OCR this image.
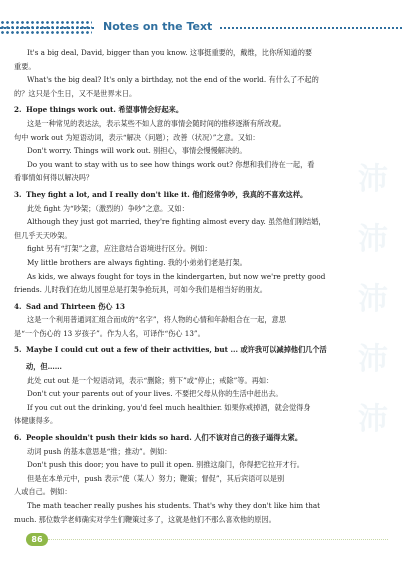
Notes on the Text
沛沛沛沛沛

It's a big deal, David, bigger than you know. 这事挺重要的，戴维，比你所知道的要

重要。

What's the big deal? It's only a birthday, not the end of the world. 有什么了不起的

的？这只是个生日，又不是世界末日。

2. Hope things work out. 希望事情会好起来。

这是一种常见的表达法，表示某些不如人意的事情会随时间的推移逐渐有所改观。

句中 work out 为短语动词，表示“解决（问题）；改善（状况）”之意。又如：

Don't worry. Things will work out. 别担心，事情会慢慢解决的。

Do you want to stay with us to see how things work out? 你想和我们待在一起，看

看事情如何得以解决吗？

3. They fight a lot, and I really don't like it. 他们经常争吵，我真的不喜欢这样。

此处 fight 为“吵架；（激烈的）争吵”之意。又如：

Although they just got married, they're fighting almost every day. 虽然他们刚结婚，

但几乎天天吵架。

fight 另有“打架”之意，应注意结合语境进行区分。例如：

My little brothers are always fighting. 我的小弟弟们老是打架。

As kids, we always fought for toys in the kindergarten, but now we're pretty good

friends. 儿时我们在幼儿园里总是打架争抢玩具，可如今我们是相当好的朋友。

4. Sad and Thirteen 伤心 13

这是一个利用普通词汇组合而成的“名字”，将人物的心情和年龄组合在一起，意思

是“一个伤心的 13 岁孩子”。作为人名，可译作“伤心 13”。

5. Maybe I could cut out a few of their activities, but ... 或许我可以减掉他们几个活

动，但……

此处 cut out 是一个短语动词，表示“删除；剪下”或“停止；戒除”等。再如：

Don't cut your parents out of your lives. 不要把父母从你的生活中赶出去。

If you cut out the drinking, you'd feel much healthier. 如果你戒掉酒，就会觉得身

体健康得多。

6. People shouldn't push their kids so hard. 人们不该对自己的孩子逼得太紧。

动词 push 的基本意思是“推；推动”。例如：

Don't push this door; you have to pull it open. 别推这扇门，你得把它拉开才行。

但是在本单元中，push 表示“使（某人）努力；鞭策；督促”，其后宾语可以是别

人或自己。例如：

The math teacher really pushes his students. That's why they don't like him that

much. 那位数学老师确实对学生们鞭策过多了，这就是他们不那么喜欢他的原因。

86
